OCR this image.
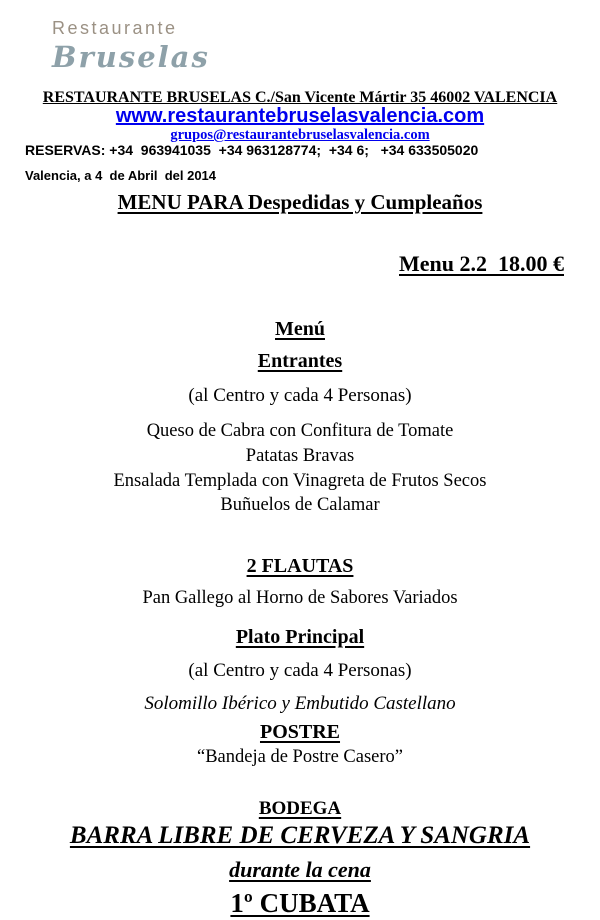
Restaurante
Bruselas
RESTAURANTE BRUSELAS C./San Vicente Mártir 35 46002 VALENCIA
www.restaurantebruselasvalencia.com
grupos@restaurantebruselasvalencia.com
RESERVAS: +34  963941035  +34 963128774;  +34 6;   +34 633505020
Valencia, a 4  de Abril  del 2014
MENU PARA Despedidas y Cumpleaños

Menu 2.2  18.00 €

Menú
Entrantes
(al Centro y cada 4 Personas)
Queso de Cabra con Confitura de Tomate
Patatas Bravas
Ensalada Templada con Vinagreta de Frutos Secos
Buñuelos de Calamar
2 FLAUTAS
Pan Gallego al Horno de Sabores Variados
Plato Principal
(al Centro y cada 4 Personas)
Solomillo Ibérico y Embutido Castellano
POSTRE
“Bandeja de Postre Casero”
BODEGA
BARRA LIBRE DE CERVEZA Y SANGRIA
durante la cena
1º CUBATA
